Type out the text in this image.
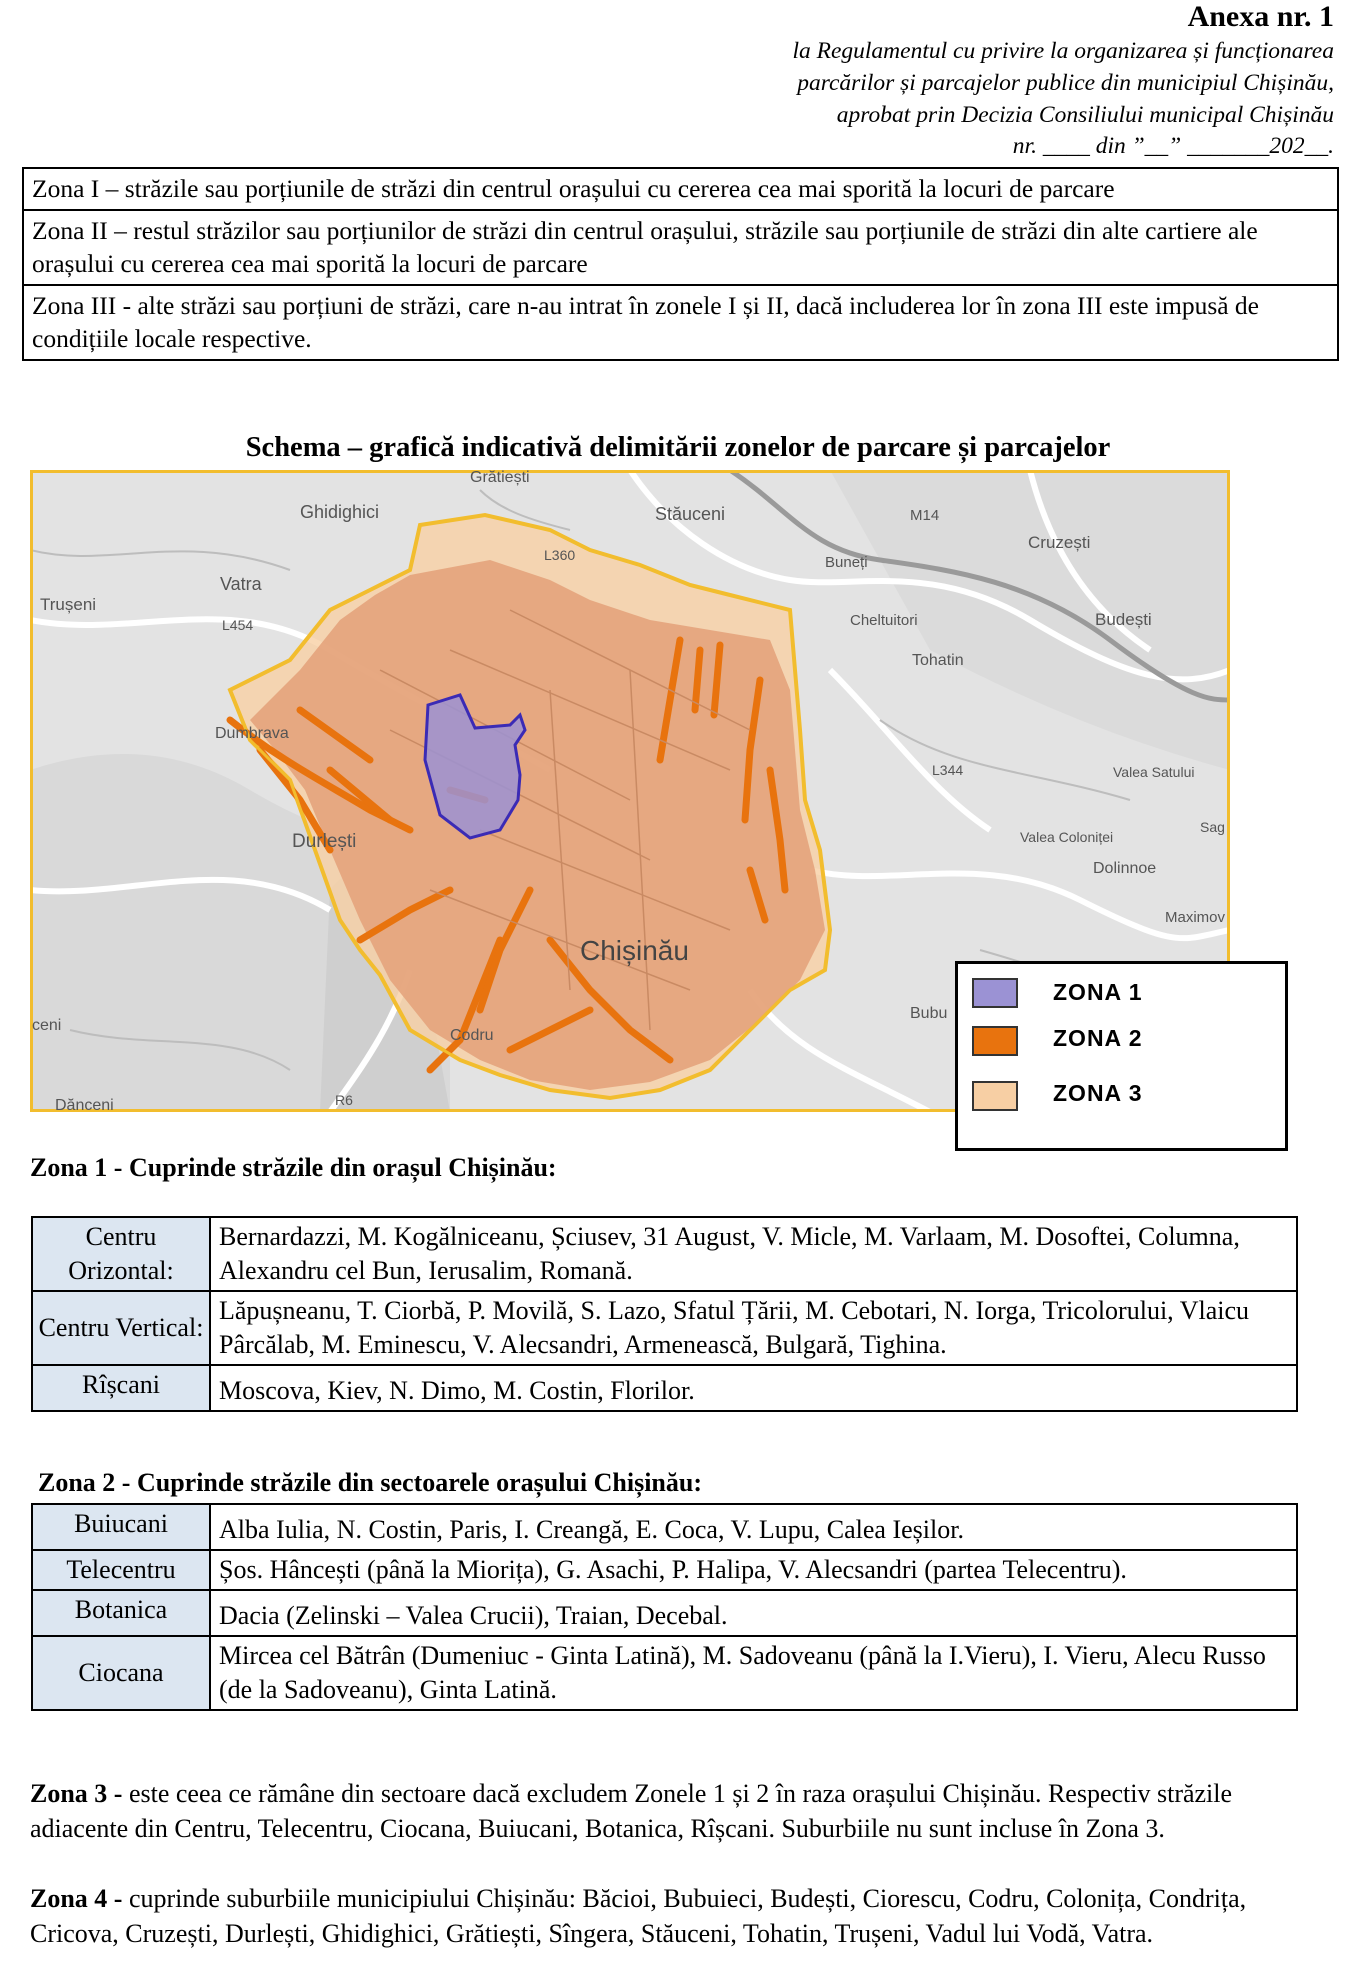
Anexa nr. 1
la Regulamentul cu privire la organizarea și funcționarea
parcărilor și parcajelor publice din municipiul Chișinău,
aprobat prin Decizia Consiliului municipal Chișinău
nr. ____ din ”__” _______202__.
Zona I – străzile sau porțiunile de străzi din centrul orașului cu cererea cea mai sporită la locuri de parcare
Zona II – restul străzilor sau porțiunilor de străzi din centrul orașului, străzile sau porțiunile de străzi din alte cartiere ale orașului cu cererea cea mai sporită la locuri de parcare
Zona III - alte străzi sau porțiuni de străzi, care n-au intrat în zonele I și II, dacă includerea lor în zona III este impusă de condițiile locale respective.
Schema – grafică indicativă delimitării zonelor de parcare și parcajelor
Grătiești
Ghidighici	Stăuceni	M14
Cruzești
Trușeni
Vatra
L454
L360	Buneți
Cheltuitori	Budești
Tohatin
Dumbrava
L344	Valea Satului
Durlești	Valea Coloniței
Dolinnoe
Sag
Maximov
Chișinău
ceni
Codru
Bubu
Dănceni	R6
ZONA 1
ZONA 2
ZONA 3
Zona 1 - Cuprinde străzile din orașul Chișinău:
Centru Orizontal:	Bernardazzi, M. Kogălniceanu, Șciusev, 31 August, V. Micle, M. Varlaam, M. Dosoftei, Columna, Alexandru cel Bun, Ierusalim, Romană.
Centru Vertical:	Lăpușneanu, T. Ciorbă, P. Movilă, S. Lazo, Sfatul Țării, M. Cebotari, N. Iorga, Tricolorului, Vlaicu Pârcălab, M. Eminescu, V. Alecsandri, Armenească, Bulgară, Tighina.
Rîșcani	Moscova, Kiev, N. Dimo, M. Costin, Florilor.
Zona 2 - Cuprinde străzile din sectoarele orașului Chișinău:
Buiucani	Alba Iulia, N. Costin, Paris, I. Creangă, E. Coca, V. Lupu, Calea Ieșilor.
Telecentru	Șos. Hâncești (până la Miorița), G. Asachi, P. Halipa, V. Alecsandri (partea Telecentru).
Botanica	Dacia (Zelinski – Valea Crucii), Traian, Decebal.
Ciocana	Mircea cel Bătrân (Dumeniuc - Ginta Latină), M. Sadoveanu (până la I.Vieru), I. Vieru, Alecu Russo (de la Sadoveanu), Ginta Latină.
Zona 3 - este ceea ce rămâne din sectoare dacă excludem Zonele 1 și 2 în raza orașului Chișinău. Respectiv străzile adiacente din Centru, Telecentru, Ciocana, Buiucani, Botanica, Rîșcani. Suburbiile nu sunt incluse în Zona 3.
Zona 4 - cuprinde suburbiile municipiului Chișinău: Băcioi, Bubuieci, Budești, Ciorescu, Codru, Colonița, Condrița, Cricova, Cruzești, Durlești, Ghidighici, Grătiești, Sîngera, Stăuceni, Tohatin, Trușeni, Vadul lui Vodă, Vatra.
